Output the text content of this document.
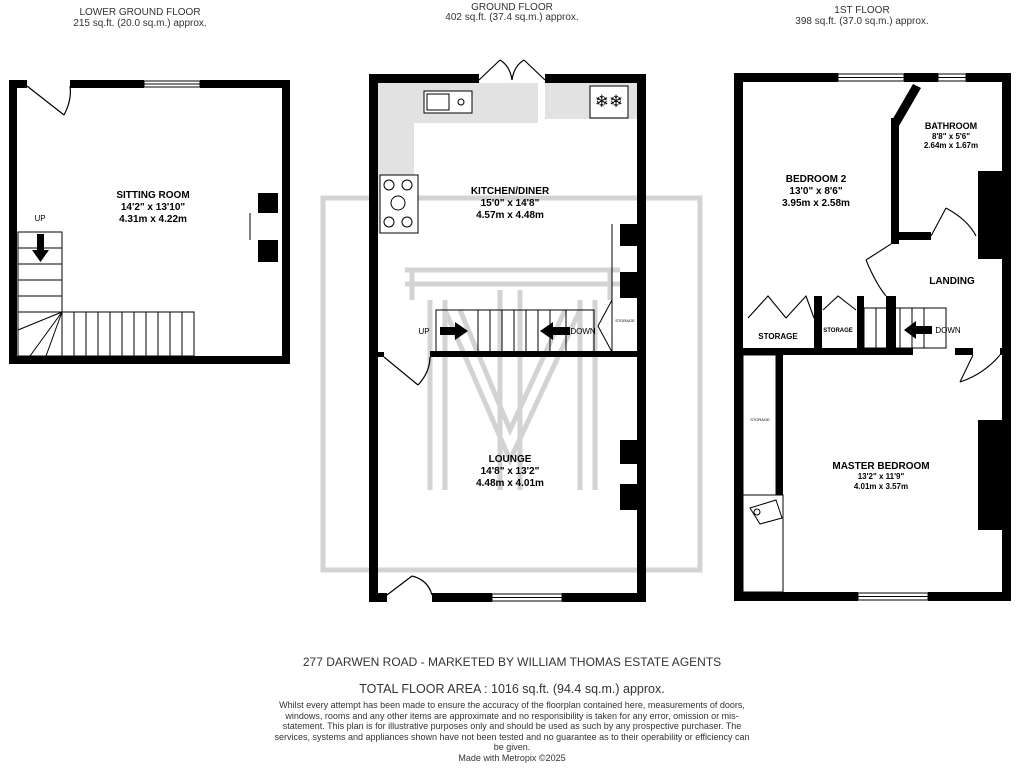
UP
SITTING ROOM
14'2" x 13'10"
4.31m x 4.22m
❄❄
UP	DOWN
STORAGE
KITCHEN/DINER
15'0" x 14'8"
4.57m x 4.48m
LOUNGE
14'8" x 13'2"
4.48m x 4.01m
STORAGE
STORAGE
STORAGE	DOWN
BEDROOM 2
13'0" x 8'6"
3.95m x 2.58m
BATHROOM
8'8" x 5'6"
2.64m x 1.67m
LANDING
MASTER BEDROOM
13'2" x 11'9"
4.01m x 3.57m
LOWER GROUND FLOOR
215 sq.ft. (20.0 sq.m.) approx.
GROUND FLOOR
402 sq.ft. (37.4 sq.m.) approx.
1ST FLOOR
398 sq.ft. (37.0 sq.m.) approx.
277 DARWEN ROAD - MARKETED BY WILLIAM THOMAS ESTATE AGENTS
TOTAL FLOOR AREA : 1016 sq.ft. (94.4 sq.m.) approx.
Whilst every attempt has been made to ensure the accuracy of the floorplan contained here, measurements of doors, windows, rooms and any other items are approximate and no responsibility is taken for any error, omission or mis-statement. This plan is for illustrative purposes only and should be used as such by any prospective purchaser. The services, systems and appliances shown have not been tested and no guarantee as to their operability or efficiency can be given.
Made with Metropix ©2025
